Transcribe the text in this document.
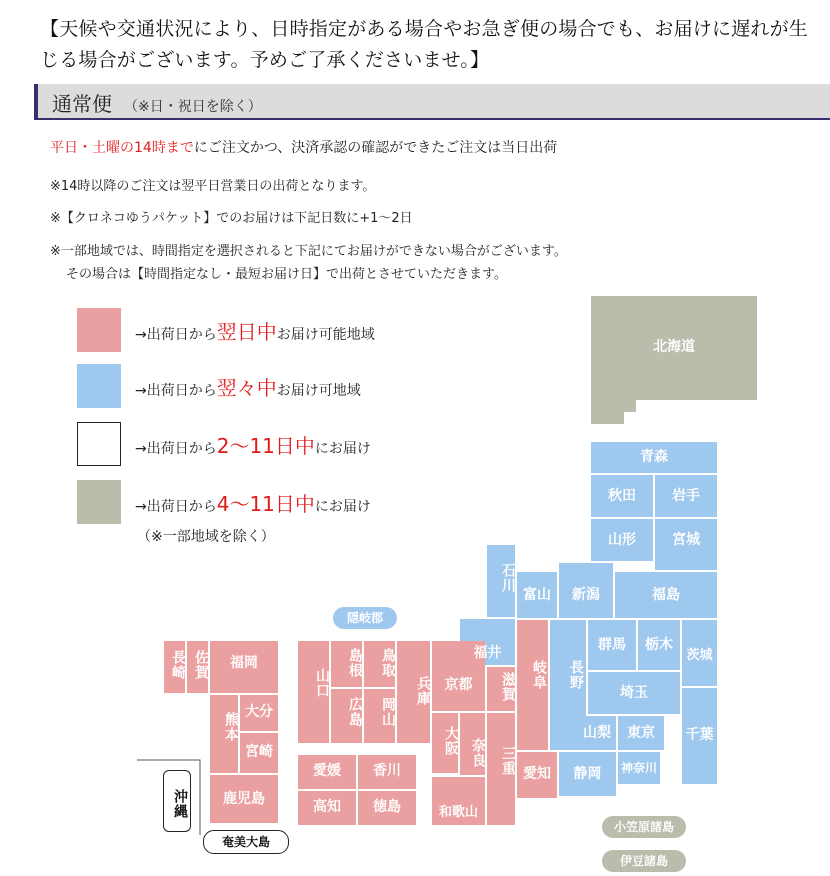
【天候や交通状況により、日時指定がある場合やお急ぎ便の場合でも、お届けに遅れが生じる場合がございます。予めご了承くださいませ。】
通常便 （※日・祝日を除く）
平日・土曜の14時までにご注文かつ、決済承認の確認ができたご注文は当日出荷
※14時以降のご注文は翌平日営業日の出荷となります。
※【クロネコゆうパケット】でのお届けは下記日数に+1～2日
※一部地域では、時間指定を選択されると下記にてお届けができない場合がございます。
その場合は【時間指定なし・最短お届け日】で出荷とさせていただきます。
→出荷日から翌日中お届け可能地域
→出荷日から翌々中お届け可地域
→出荷日から2～11日中にお届け
→出荷日から4～11日中にお届け
（※一部地域を除く）
北海道
青森
秋田	岩手
山形	宮城
石川
富山	新潟	福島
福井	群馬	栃木
茨城
長野
埼玉
千葉
山梨	東京
静岡	神奈川
岐阜
愛知
滋賀
京都
三重
大阪 奈良
和歌山
兵庫
鳥取
島根
岡山
広島
山口
愛媛	香川
高知	徳島
長崎 佐賀	福岡
熊本 大分
宮崎
鹿児島
隠岐郡
小笠原諸島
伊豆諸島
沖縄
奄美大島
